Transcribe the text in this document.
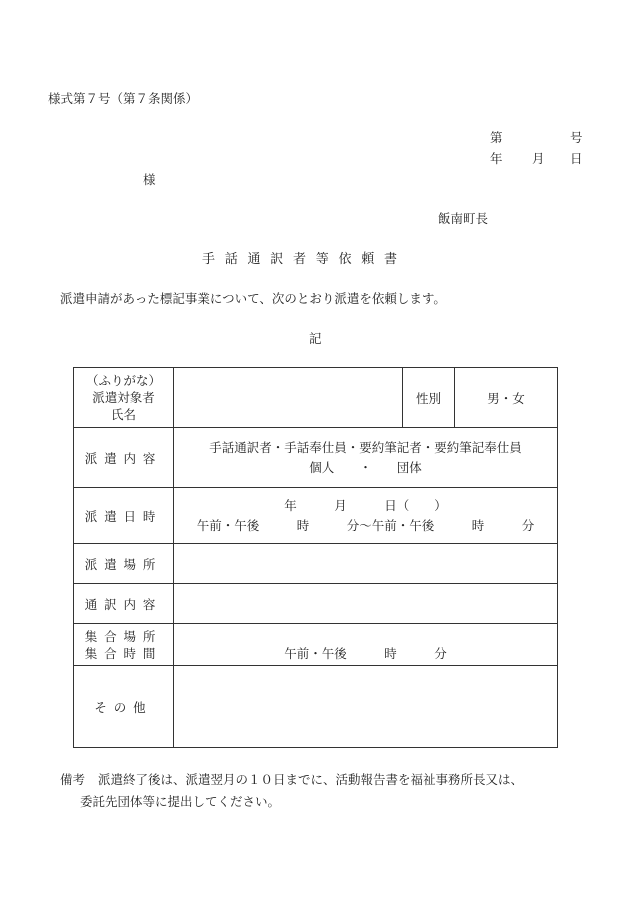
様式第７号（第７条関係）
第	号
年 月 日
様
飯南町長
手話通訳者等依頼書
派遣申請があった標記事業について、次のとおり派遣を依頼します。
記
（ふりがな）
派遣対象者
氏名		性別	男・女
派遣内容	手話通訳者・手話奉仕員・要約筆記者・要約筆記奉仕員
個人　　・　　団体		

派遣日時	年　　　月　　　日（　　）
午前・午後　　　時　　　分～午前・午後　　　時　　　分		

派遣場所			
通訳内容			

集合場所
集合時間	午前・午後　　　時　　　分		
その他			
備考 派遣終了後は、派遣翌月の１０日までに、活動報告書を福祉事務所長又は、
委託先団体等に提出してください。
